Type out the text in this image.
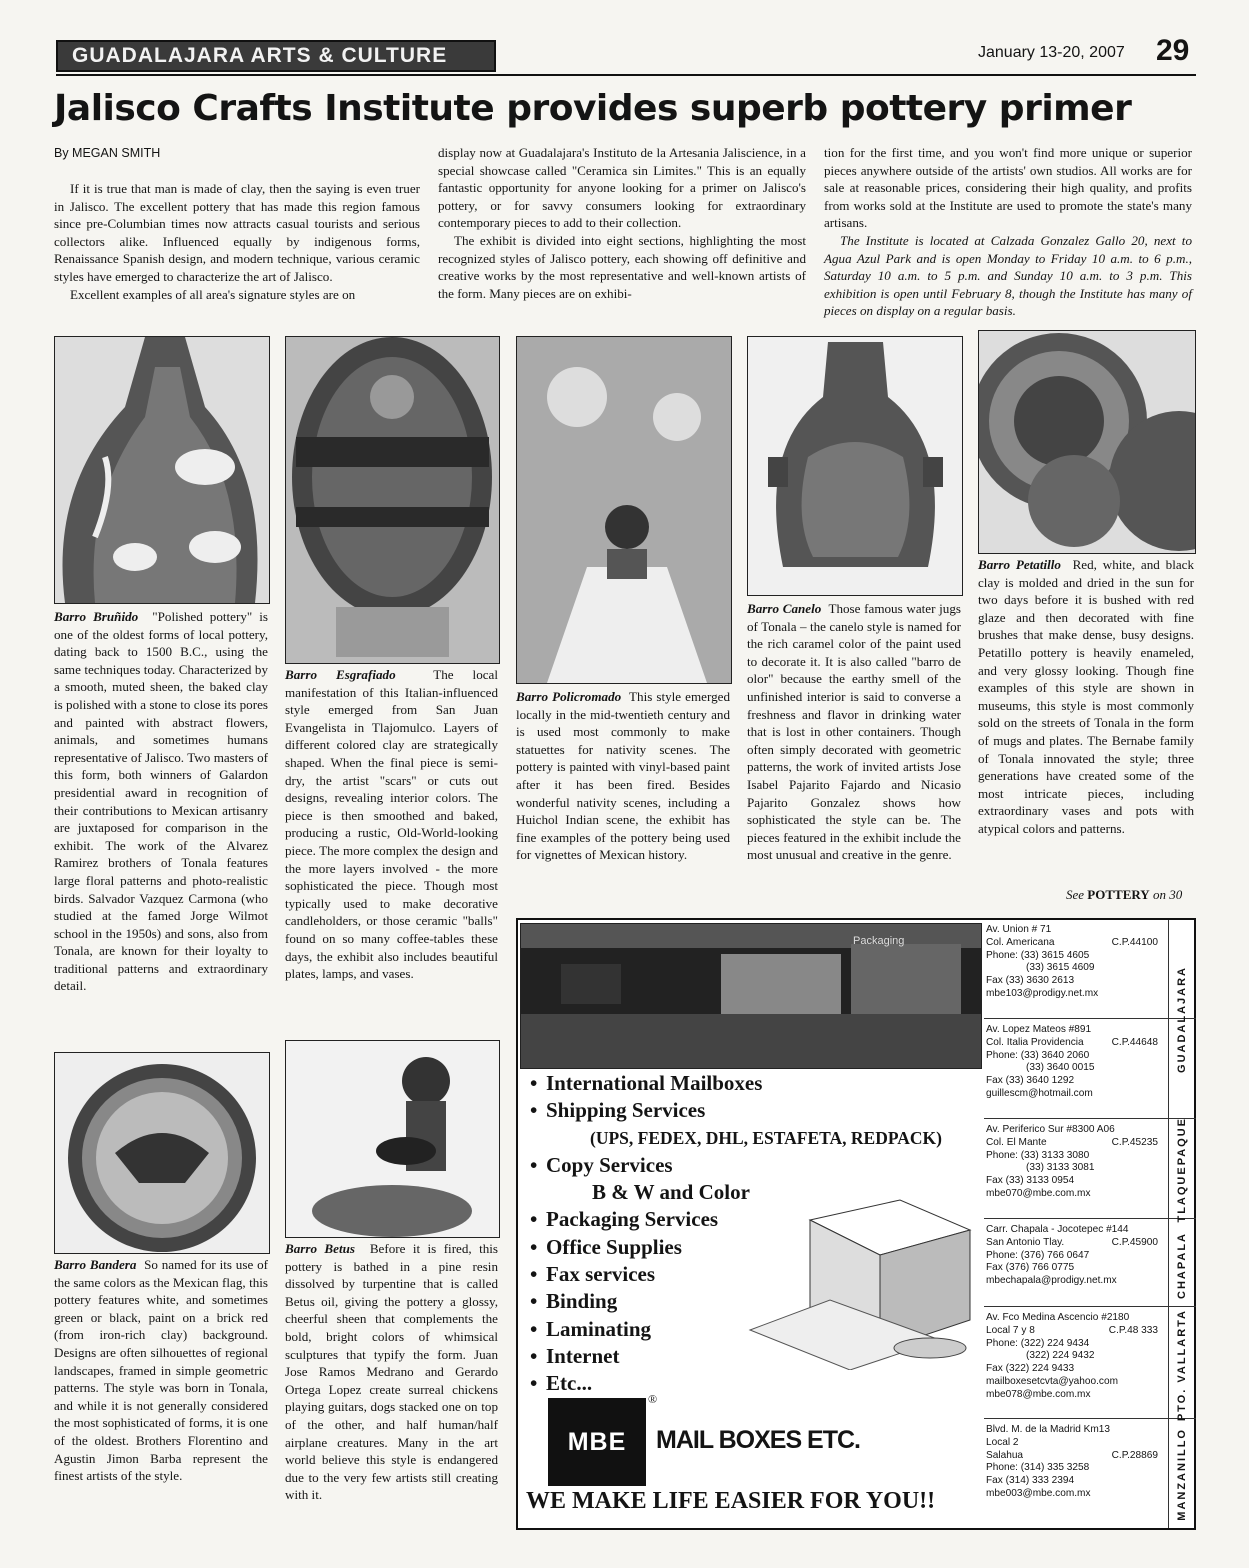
GUADALAJARA ARTS & CULTURE	January 13-20, 2007 29
Jalisco Crafts Institute provides superb pottery primer
By MEGAN SMITH

If it is true that man is made of clay, then the saying is even truer in Jalisco. The excellent pottery that has made this region famous since pre-Columbian times now attracts casual tourists and serious collectors alike. Influenced equally by indigenous forms, Renaissance Spanish design, and modern technique, various ceramic styles have emerged to characterize the art of Jalisco.

Excellent examples of all area's signature styles are on

display now at Guadalajara's Instituto de la Artesania Jaliscience, in a special showcase called "Ceramica sin Limites." This is an equally fantastic opportunity for anyone looking for a primer on Jalisco's pottery, or for savvy consumers looking for extraordinary contemporary pieces to add to their collection.

The exhibit is divided into eight sections, highlighting the most recognized styles of Jalisco pottery, each showing off definitive and creative works by the most representative and well-known artists of the form. Many pieces are on exhibi-

tion for the first time, and you won't find more unique or superior pieces anywhere outside of the artists' own studios. All works are for sale at reasonable prices, considering their high quality, and profits from works sold at the Institute are used to promote the state's many artisans.

The Institute is located at Calzada Gonzalez Gallo 20, next to Agua Azul Park and is open Monday to Friday 10 a.m. to 6 p.m., Saturday 10 a.m. to 5 p.m. and Sunday 10 a.m. to 3 p.m. This exhibition is open until February 8, though the Institute has many of pieces on display on a regular basis.

Barro Bruñido "Polished pottery" is one of the oldest forms of local pottery, dating back to 1500 B.C., using the same techniques today. Characterized by a smooth, muted sheen, the baked clay is polished with a stone to close its pores and painted with abstract flowers, animals, and sometimes humans representative of Jalisco. Two masters of this form, both winners of Galardon presidential award in recognition of their contributions to Mexican artisanry are juxtaposed for comparison in the exhibit. The work of the Alvarez Ramirez brothers of Tonala features large floral patterns and photo-realistic birds. Salvador Vazquez Carmona (who studied at the famed Jorge Wilmot school in the 1950s) and sons, also from Tonala, are known for their loyalty to traditional patterns and extraordinary detail.
Barro Esgrafiado	The local manifestation of this Italian-influenced style emerged from San Juan Evangelista in Tlajomulco. Layers of different colored clay are strategically shaped. When the final piece is semi-dry, the artist "scars" or cuts out designs, revealing interior colors. The piece is then smoothed and baked, producing a rustic, Old-World-looking piece. The more complex the design and the more layers involved - the more sophisticated the piece. Though most typically used to make decorative candleholders, or those ceramic "balls" found on so many coffee-tables these days, the exhibit also includes beautiful plates, lamps, and vases.
Barro Policromado This style emerged locally in the mid-twentieth century and is used most commonly to make statuettes for nativity scenes. The pottery is painted with vinyl-based paint after it has been fired. Besides wonderful nativity scenes, including a Huichol Indian scene, the exhibit has fine examples of the pottery being used for vignettes of Mexican history.
Barro Canelo Those famous water jugs of Tonala – the canelo style is named for the rich caramel color of the paint used to decorate it. It is also called "barro de olor" because the earthy smell of the unfinished interior is said to converse a freshness and flavor in drinking water that is lost in other containers. Though often simply decorated with geometric patterns, the work of invited artists Jose Isabel Pajarito Fajardo and Nicasio Pajarito Gonzalez shows how sophisticated the style can be. The pieces featured in the exhibit include the most unusual and creative in the genre.
Barro Petatillo Red, white, and black clay is molded and dried in the sun for two days before it is bushed with red glaze and then decorated with fine brushes that make dense, busy designs. Petatillo pottery is heavily enameled, and very glossy looking. Though fine examples of this style are shown in museums, this style is most commonly sold on the streets of Tonala in the form of mugs and plates. The Bernabe family of Tonala innovated the style; three generations have created some of the most intricate pieces, including extraordinary vases and pots with atypical colors and patterns.
Barro Bandera So named for its use of the same colors as the Mexican flag, this pottery features white, and sometimes green or black, paint on a brick red (from iron-rich clay) background. Designs are often silhouettes of regional landscapes, framed in simple geometric patterns. The style was born in Tonala, and while it is not generally considered the most sophisticated of forms, it is one of the oldest. Brothers Florentino and Agustin Jimon Barba represent the finest artists of the style.
Barro Betus Before it is fired, this pottery is bathed in a pine resin dissolved by turpentine that is called Betus oil, giving the pottery a glossy, cheerful sheen that complements the bold, bright colors of whimsical sculptures that typify the form. Juan Jose Ramos Medrano and Gerardo Ortega Lopez create surreal chickens playing guitars, dogs stacked one on top of the other, and half human/half airplane creatures. Many in the art world believe this style is endangered due to the very few artists still creating with it.
See POTTERY on 30
Packaging
• International Mailboxes
• Shipping Services
(UPS, FEDEX, DHL, ESTAFETA, REDPACK)
• Copy Services
B & W and Color
• Packaging Services
• Office Supplies
• Fax services
• Binding
• Laminating
• Internet
• Etc...
MBE
®
MAIL BOXES ETC.
WE MAKE LIFE EASIER FOR YOU!!
C.P.44100
Av. Union # 71
Col. Americana
Phone: (33) 3615 4605
(33) 3615 4609
Fax (33) 3630 2613
mbe103@prodigy.net.mx
C.P.44648
Av. Lopez Mateos #891
Col. Italia Providencia
Phone: (33) 3640 2060
(33) 3640 0015
Fax (33) 3640 1292
guillescm@hotmail.com
C.P.45235
Av. Periferico Sur #8300 A06
Col. El Mante
Phone: (33) 3133 3080
(33) 3133 3081
Fax (33) 3133 0954
mbe070@mbe.com.mx
C.P.45900
Carr. Chapala - Jocotepec #144
San Antonio Tlay.
Phone: (376) 766 0647
Fax (376) 766 0775
mbechapala@prodigy.net.mx
C.P.48 333
Av. Fco Medina Ascencio #2180
Local 7 y 8
Phone: (322) 224 9434
(322) 224 9432
Fax (322) 224 9433
mailboxesetcvta@yahoo.com
mbe078@mbe.com.mx
C.P.28869
Blvd. M. de la Madrid Km13
Local 2
Salahua
Phone: (314) 335 3258
Fax (314) 333 2394
mbe003@mbe.com.mx
GUADALAJARA
TLAQUEPAQUE
CHAPALA
PTO. VALLARTA
MANZANILLO
